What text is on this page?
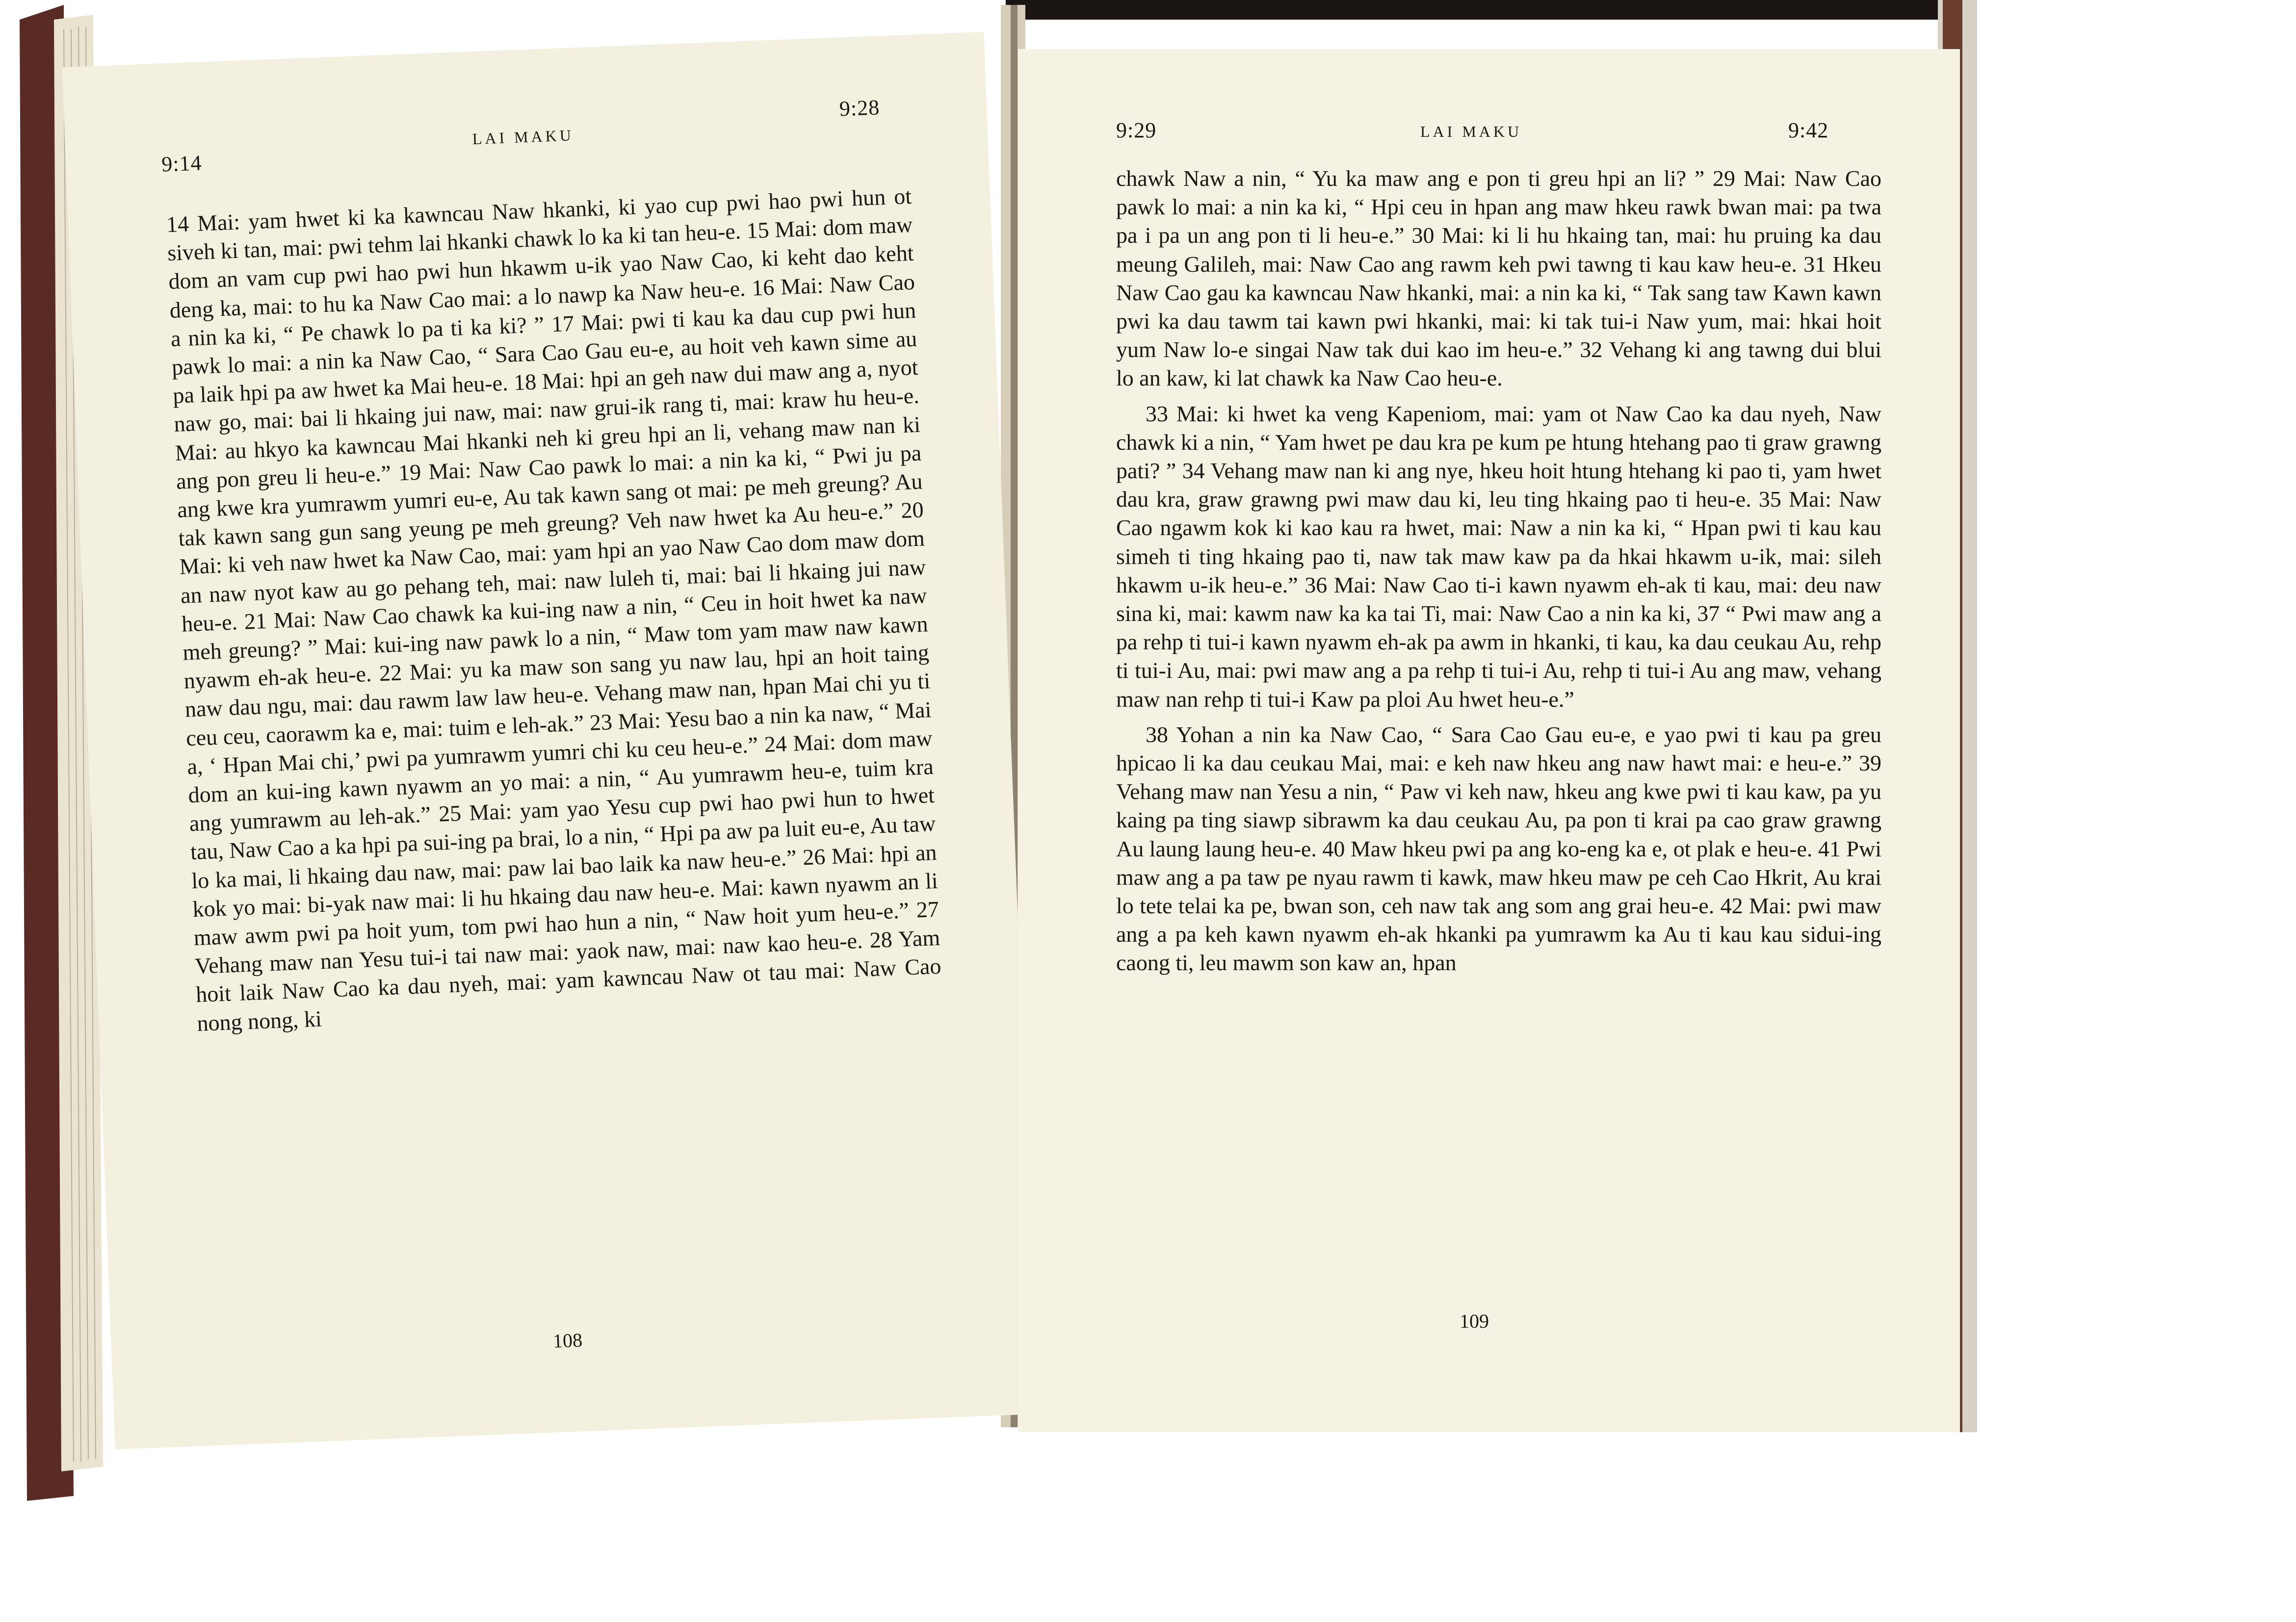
9:14
LAI MAKU
9:28

14 Mai: yam hwet ki ka kawncau Naw hkanki, ki yao cup pwi hao pwi hun ot siveh ki tan, mai: pwi tehm lai hkanki chawk lo ka ki tan heu-e. 15 Mai: dom maw dom an vam cup pwi hao pwi hun hkawm u-ik yao Naw Cao, ki keht dao keht deng ka, mai: to hu ka Naw Cao mai: a lo nawp ka Naw heu-e. 16 Mai: Naw Cao a nin ka ki, “ Pe chawk lo pa ti ka ki? ” 17 Mai: pwi ti kau ka dau cup pwi hun pawk lo mai: a nin ka Naw Cao, “ Sara Cao Gau eu-e, au hoit veh kawn sime au pa laik hpi pa aw hwet ka Mai heu-e. 18 Mai: hpi an geh naw dui maw ang a, nyot naw go, mai: bai li hkaing jui naw, mai: naw grui-ik rang ti, mai: kraw hu heu-e. Mai: au hkyo ka kawncau Mai hkanki neh ki greu hpi an li, vehang maw nan ki ang pon greu li heu-e.” 19 Mai: Naw Cao pawk lo mai: a nin ka ki, “ Pwi ju pa ang kwe kra yumrawm yumri eu-e, Au tak kawn sang ot mai: pe meh greung? Au tak kawn sang gun sang yeung pe meh greung? Veh naw hwet ka Au heu-e.” 20 Mai: ki veh naw hwet ka Naw Cao, mai: yam hpi an yao Naw Cao dom maw dom an naw nyot kaw au go pehang teh, mai: naw luleh ti, mai: bai li hkaing jui naw heu-e. 21 Mai: Naw Cao chawk ka kui-ing naw a nin, “ Ceu in hoit hwet ka naw meh greung? ” Mai: kui-ing naw pawk lo a nin, “ Maw tom yam maw naw kawn nyawm eh-ak heu-e. 22 Mai: yu ka maw son sang yu naw lau, hpi an hoit taing naw dau ngu, mai: dau rawm law law heu-e. Vehang maw nan, hpan Mai chi yu ti ceu ceu, caorawm ka e, mai: tuim e leh-ak.” 23 Mai: Yesu bao a nin ka naw, “ Mai a, ‘ Hpan Mai chi,’ pwi pa yumrawm yumri chi ku ceu heu-e.” 24 Mai: dom maw dom an kui-ing kawn nyawm an yo mai: a nin, “ Au yumrawm heu-e, tuim kra ang yumrawm au leh-ak.” 25 Mai: yam yao Yesu cup pwi hao pwi hun to hwet tau, Naw Cao a ka hpi pa sui-ing pa brai, lo a nin, “ Hpi pa aw pa luit eu-e, Au taw lo ka mai, li hkaing dau naw, mai: paw lai bao laik ka naw heu-e.” 26 Mai: hpi an kok yo mai: bi-yak naw mai: li hu hkaing dau naw heu-e. Mai: kawn nyawm an li maw awm pwi pa hoit yum, tom pwi hao hun a nin, “ Naw hoit yum heu-e.” 27 Vehang maw nan Yesu tui-i tai naw mai: yaok naw, mai: naw kao heu-e. 28 Yam hoit laik Naw Cao ka dau nyeh, mai: yam kawncau Naw ot tau mai: Naw Cao nong nong, ki

108
9:29	LAI MAKU	9:42

chawk Naw a nin, “ Yu ka maw ang e pon ti greu hpi an li? ” 29 Mai: Naw Cao pawk lo mai: a nin ka ki, “ Hpi ceu in hpan ang maw hkeu rawk bwan mai: pa twa pa i pa un ang pon ti li heu-e.” 30 Mai: ki li hu hkaing tan, mai: hu pruing ka dau meung Galileh, mai: Naw Cao ang rawm keh pwi tawng ti kau kaw heu-e. 31 Hkeu Naw Cao gau ka kawncau Naw hkanki, mai: a nin ka ki, “ Tak sang taw Kawn kawn pwi ka dau tawm tai kawn pwi hkanki, mai: ki tak tui-i Naw yum, mai: hkai hoit yum Naw lo-e singai Naw tak dui kao im heu-e.” 32 Vehang ki ang tawng dui blui lo an kaw, ki lat chawk ka Naw Cao heu-e.

33 Mai: ki hwet ka veng Kapeniom, mai: yam ot Naw Cao ka dau nyeh, Naw chawk ki a nin, “ Yam hwet pe dau kra pe kum pe htung htehang pao ti graw grawng pati? ” 34 Vehang maw nan ki ang nye, hkeu hoit htung htehang ki pao ti, yam hwet dau kra, graw grawng pwi maw dau ki, leu ting hkaing pao ti heu-e. 35 Mai: Naw Cao ngawm kok ki kao kau ra hwet, mai: Naw a nin ka ki, “ Hpan pwi ti kau kau simeh ti ting hkaing pao ti, naw tak maw kaw pa da hkai hkawm u-ik, mai: sileh hkawm u-ik heu-e.” 36 Mai: Naw Cao ti-i kawn nyawm eh-ak ti kau, mai: deu naw sina ki, mai: kawm naw ka ka tai Ti, mai: Naw Cao a nin ka ki, 37 “ Pwi maw ang a pa rehp ti tui-i kawn nyawm eh-ak pa awm in hkanki, ti kau, ka dau ceukau Au, rehp ti tui-i Au, mai: pwi maw ang a pa rehp ti tui-i Au, rehp ti tui-i Au ang maw, vehang maw nan rehp ti tui-i Kaw pa ploi Au hwet heu-e.”

38 Yohan a nin ka Naw Cao, “ Sara Cao Gau eu-e, e yao pwi ti kau pa greu hpicao li ka dau ceukau Mai, mai: e keh naw hkeu ang naw hawt mai: e heu-e.” 39 Vehang maw nan Yesu a nin, “ Paw vi keh naw, hkeu ang kwe pwi ti kau kaw, pa yu kaing pa ting siawp sibrawm ka dau ceukau Au, pa pon ti krai pa cao graw grawng Au laung laung heu-e. 40 Maw hkeu pwi pa ang ko-eng ka e, ot plak e heu-e. 41 Pwi maw ang a pa taw pe nyau rawm ti kawk, maw hkeu maw pe ceh Cao Hkrit, Au krai lo tete telai ka pe, bwan son, ceh naw tak ang som ang grai heu-e. 42 Mai: pwi maw ang a pa keh kawn nyawm eh-ak hkanki pa yumrawm ka Au ti kau kau sidui-ing caong ti, leu mawm son kaw an, hpan

109
